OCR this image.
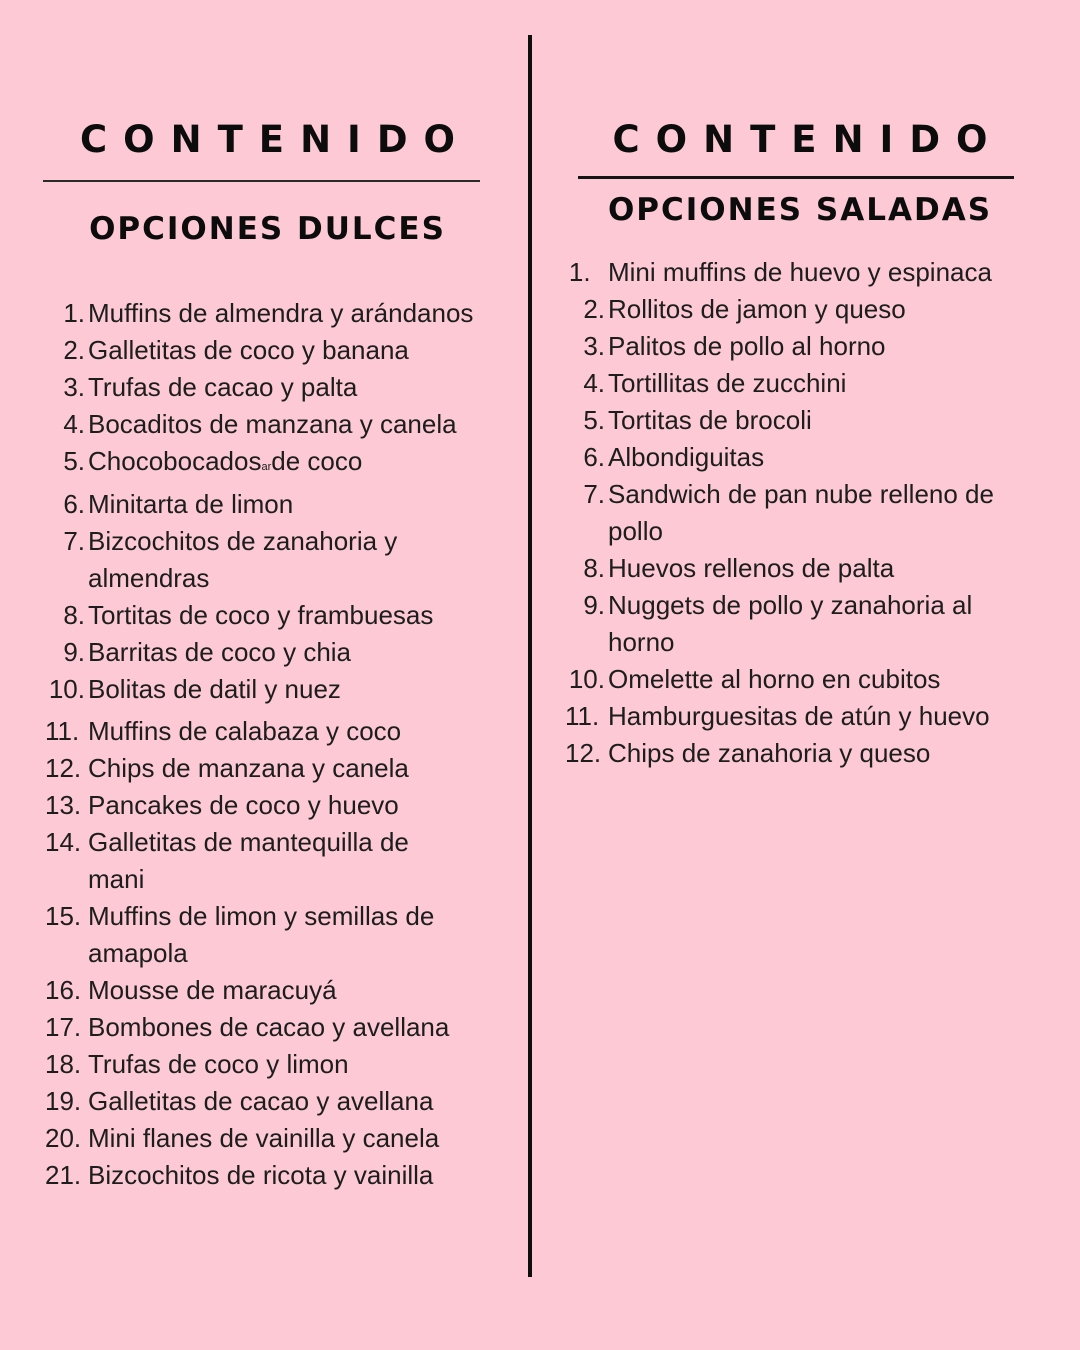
CONTENIDO
OPCIONES DULCES
1. Muffins de almendra y arándanos
2. Galletitas de coco y banana
3. Trufas de cacao y palta
4. Bocaditos de manzana y canela
5. Chocobocadosarde coco
6. Minitarta de limon
7. Bizcochitos de zanahoria y
almendras
8. Tortitas de coco y frambuesas
9. Barritas de coco y chia
10. Bolitas de datil y nuez
11. Muffins de calabaza y coco
12. Chips de manzana y canela
13. Pancakes de coco y huevo
14. Galletitas de mantequilla de
mani
15. Muffins de limon y semillas de
amapola
16. Mousse de maracuyá
17. Bombones de cacao y avellana
18. Trufas de coco y limon
19. Galletitas de cacao y avellana
20. Mini flanes de vainilla y canela
21. Bizcochitos de ricota y vainilla
CONTENIDO
OPCIONES SALADAS
1. Mini muffins de huevo y espinaca
2. Rollitos de jamon y queso
3. Palitos de pollo al horno
4. Tortillitas de zucchini
5. Tortitas de brocoli
6. Albondiguitas
7. Sandwich de pan nube relleno de
pollo
8. Huevos rellenos de palta
9. Nuggets de pollo y zanahoria al
horno
10. Omelette al horno en cubitos
11. Hamburguesitas de atún y huevo
12. Chips de zanahoria y queso
